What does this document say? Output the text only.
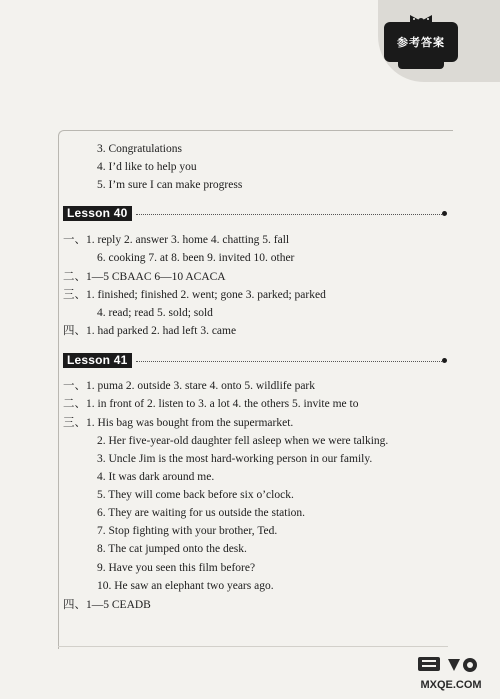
参考答案
3. Congratulations
4. I’d like to help you
5. I’m sure I can make progress
Lesson 40
一、1. reply 2. answer 3. home 4. chatting 5. fall
6. cooking 7. at 8. been 9. invited 10. other
二、1—5 CBAAC 6—10 ACACA
三、1. finished; finished 2. went; gone 3. parked; parked
4. read; read 5. sold; sold
四、1. had parked 2. had left 3. came
Lesson 41
一、1. puma 2. outside 3. stare 4. onto 5. wildlife park
二、1. in front of 2. listen to 3. a lot 4. the others 5. invite me to
三、1. His bag was bought from the supermarket.
2. Her five-year-old daughter fell asleep when we were talking.
3. Uncle Jim is the most hard-working person in our family.
4. It was dark around me.
5. They will come back before six o’clock.
6. They are waiting for us outside the station.
7. Stop fighting with your brother, Ted.
8. The cat jumped onto the desk.
9. Have you seen this film before?
10. He saw an elephant two years ago.
四、1—5 CEADB
MXQE.COM
